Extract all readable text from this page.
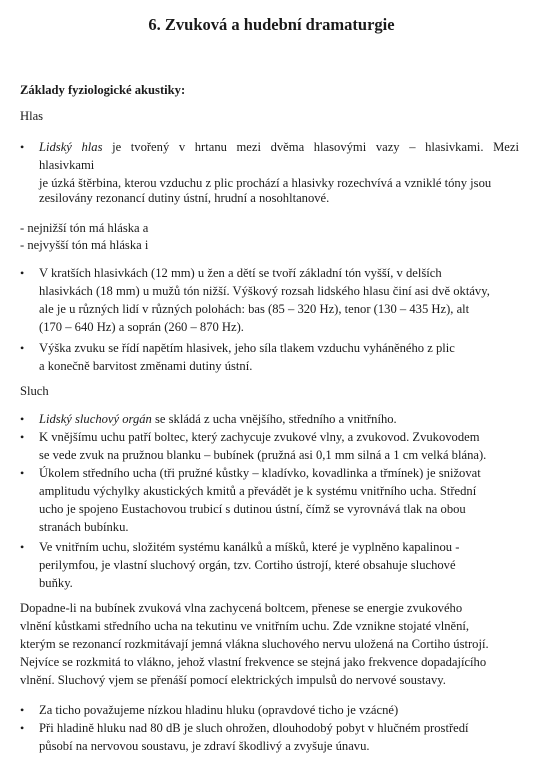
6. Zvuková a hudební dramaturgie
Základy fyziologické akustiky:
Hlas
• Lidský hlas je tvořený v hrtanu mezi dvěma hlasovými vazy – hlasivkami. Mezi
hlasivkami
je úzká štěrbina, kterou vzduchu z plic prochází a hlasivky rozechvívá a vzniklé tóny jsou
zesilovány rezonancí dutiny ústní, hrudní a nosohltanové.
- nejnižší tón má hláska a
- nejvyšší tón má hláska i
• V kratších hlasivkách (12 mm) u žen a dětí se tvoří základní tón vyšší, v delších
hlasivkách (18 mm) u mužů tón nižší. Výškový rozsah lidského hlasu činí asi dvě oktávy,
ale je u různých lidí v různých polohách: bas (85 – 320 Hz), tenor (130 – 435 Hz), alt
(170 – 640 Hz) a soprán (260 – 870 Hz).
• Výška zvuku se řídí napětím hlasivek, jeho síla tlakem vzduchu vyháněného z plic
a konečně barvitost změnami dutiny ústní.
Sluch
• Lidský sluchový orgán se skládá z ucha vnějšího, středního a vnitřního.
• K vnějšímu uchu patří boltec, který zachycuje zvukové vlny, a zvukovod. Zvukovodem
se vede zvuk na pružnou blanku – bubínek (pružná asi 0,1 mm silná a 1 cm velká blána).
• Úkolem středního ucha (tři pružné kůstky – kladívko, kovadlinka a třmínek) je snižovat
amplitudu výchylky akustických kmitů a převádět je k systému vnitřního ucha. Střední
ucho je spojeno Eustachovou trubicí s dutinou ústní, čímž se vyrovnává tlak na obou
stranách bubínku.
• Ve vnitřním uchu, složitém systému kanálků a míšků, které je vyplněno kapalinou -
perilymfou, je vlastní sluchový orgán, tzv. Cortiho ústrojí, které obsahuje sluchové
buňky.
Dopadne-li na bubínek zvuková vlna zachycená boltcem, přenese se energie zvukového
vlnění kůstkami středního ucha na tekutinu ve vnitřním uchu. Zde vznikne stojaté vlnění,
kterým se rezonancí rozkmitávají jemná vlákna sluchového nervu uložená na Cortiho ústrojí.
Nejvíce se rozkmitá to vlákno, jehož vlastní frekvence se stejná jako frekvence dopadajícího
vlnění. Sluchový vjem se přenáší pomocí elektrických impulsů do nervové soustavy.
• Za ticho považujeme nízkou hladinu hluku (opravdové ticho je vzácné)
• Při hladině hluku nad 80 dB je sluch ohrožen, dlouhodobý pobyt v hlučném prostředí
působí na nervovou soustavu, je zdraví škodlivý a zvyšuje únavu.
